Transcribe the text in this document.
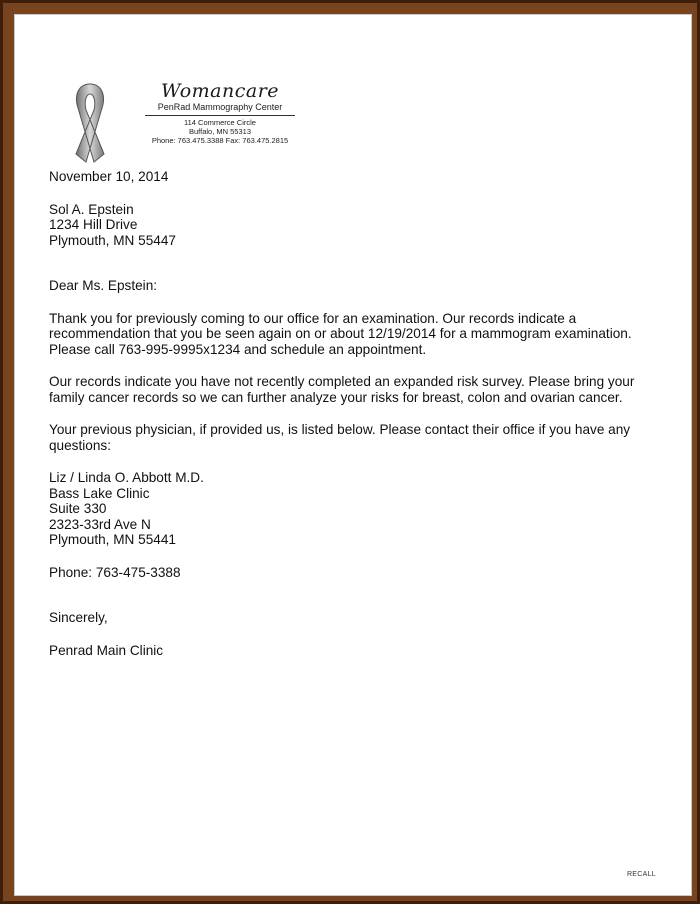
Womancare
PenRad Mammography Center
114 Commerce Circle
Buffalo, MN 55313
Phone: 763.475.3388 Fax: 763.475.2815
November 10, 2014
Sol A. Epstein
1234 Hill Drive
Plymouth, MN 55447
Dear Ms. Epstein:
Thank you for previously coming to our office for an examination. Our records indicate a
recommendation that you be seen again on or about 12/19/2014 for a mammogram examination.
Please call 763-995-9995x1234 and schedule an appointment.
Our records indicate you have not recently completed an expanded risk survey. Please bring your
family cancer records so we can further analyze your risks for breast, colon and ovarian cancer.
Your previous physician, if provided us, is listed below. Please contact their office if you have any
questions:
Liz / Linda O. Abbott M.D.
Bass Lake Clinic
Suite 330
2323-33rd Ave N
Plymouth, MN 55441
Phone: 763-475-3388
Sincerely,
Penrad Main Clinic
RECALL
